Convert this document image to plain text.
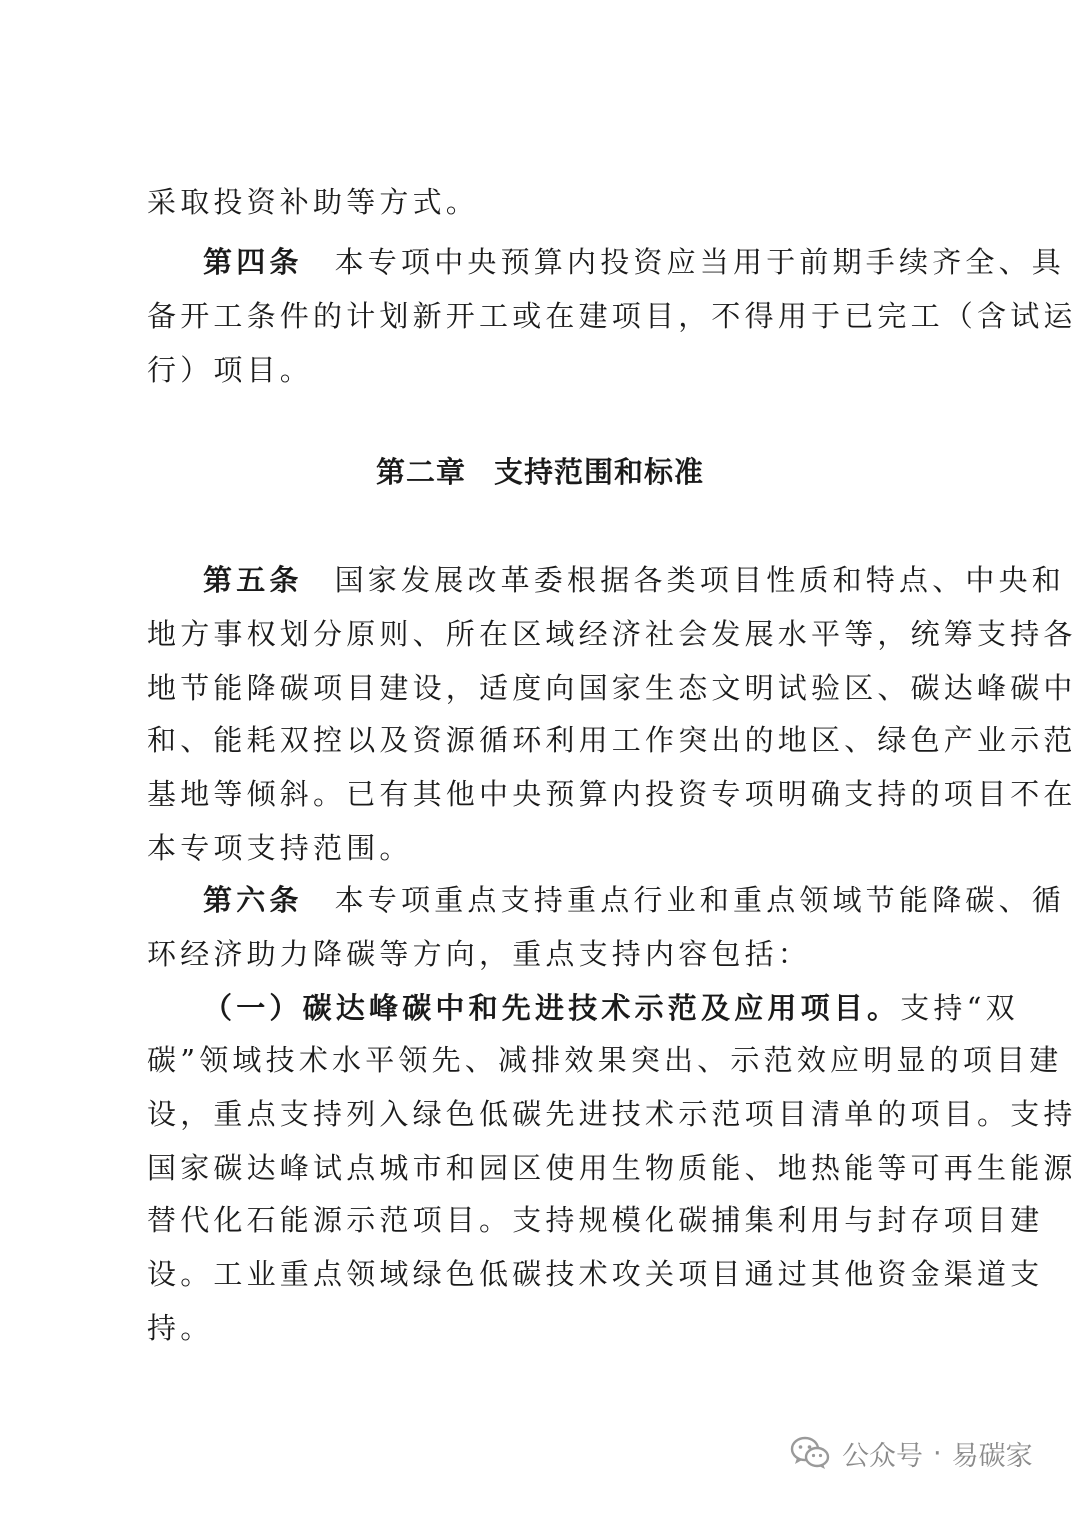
采取投资补助等方式。
第四条 本专项中央预算内投资应当用于前期手续齐全、具
备开工条件的计划新开工或在建项目，不得用于已完工（含试运
行）项目。
第二章 支持范围和标准
第五条 国家发展改革委根据各类项目性质和特点、中央和
地方事权划分原则、所在区域经济社会发展水平等，统筹支持各
地节能降碳项目建设，适度向国家生态文明试验区、碳达峰碳中
和、能耗双控以及资源循环利用工作突出的地区、绿色产业示范
基地等倾斜。已有其他中央预算内投资专项明确支持的项目不在
本专项支持范围。
第六条 本专项重点支持重点行业和重点领域节能降碳、循
环经济助力降碳等方向，重点支持内容包括：
（一）碳达峰碳中和先进技术示范及应用项目。支持“双
碳”领域技术水平领先、减排效果突出、示范效应明显的项目建
设，重点支持列入绿色低碳先进技术示范项目清单的项目。支持
国家碳达峰试点城市和园区使用生物质能、地热能等可再生能源
替代化石能源示范项目。支持规模化碳捕集利用与封存项目建
设。工业重点领域绿色低碳技术攻关项目通过其他资金渠道支
持。
公众号 · 易碳家
